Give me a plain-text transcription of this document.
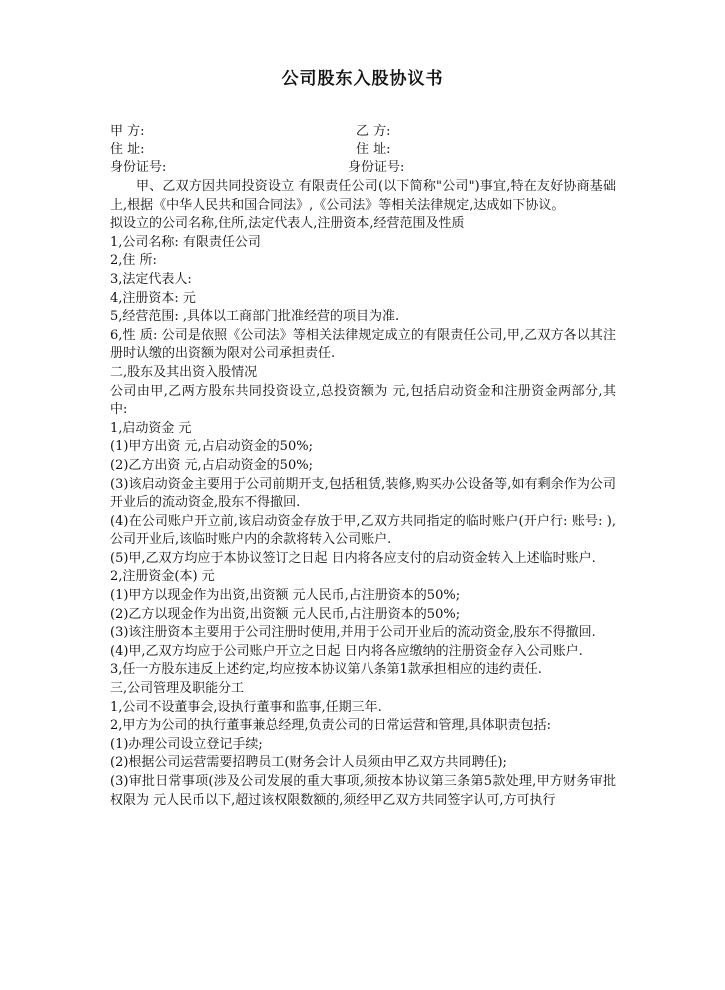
公司股东入股协议书
甲 方:	乙 方:
住 址:	住 址:
身份证号:	身份证号:

甲、乙双方因共同投资设立 有限责任公司(以下简称"公司")事宜,特在友好协商基础上,根据《中华人民共和国合同法》,《公司法》等相关法律规定,达成如下协议。

拟设立的公司名称,住所,法定代表人,注册资本,经营范围及性质

1,公司名称: 有限责任公司

2,住 所:

3,法定代表人:

4,注册资本: 元

5,经营范围: ,具体以工商部门批准经营的项目为准.

6,性 质: 公司是依照《公司法》等相关法律规定成立的有限责任公司,甲,乙双方各以其注册时认缴的出资额为限对公司承担责任.

二,股东及其出资入股情况

公司由甲,乙两方股东共同投资设立,总投资额为 元,包括启动资金和注册资金两部分,其中:

1,启动资金 元

(1)甲方出资 元,占启动资金的50%;

(2)乙方出资 元,占启动资金的50%;

(3)该启动资金主要用于公司前期开支,包括租赁,装修,购买办公设备等,如有剩余作为公司开业后的流动资金,股东不得撤回.

(4)在公司账户开立前,该启动资金存放于甲,乙双方共同指定的临时账户(开户行: 账号: ),公司开业后,该临时账户内的余款将转入公司账户.

(5)甲,乙双方均应于本协议签订之日起 日内将各应支付的启动资金转入上述临时账户.

2,注册资金(本) 元

(1)甲方以现金作为出资,出资额 元人民币,占注册资本的50%;

(2)乙方以现金作为出资,出资额 元人民币,占注册资本的50%;

(3)该注册资本主要用于公司注册时使用,并用于公司开业后的流动资金,股东不得撤回.

(4)甲,乙双方均应于公司账户开立之日起 日内将各应缴纳的注册资金存入公司账户.

3,任一方股东违反上述约定,均应按本协议第八条第1款承担相应的违约责任.

三,公司管理及职能分工

1,公司不设董事会,设执行董事和监事,任期三年.

2,甲方为公司的执行董事兼总经理,负责公司的日常运营和管理,具体职责包括:

(1)办理公司设立登记手续;

(2)根据公司运营需要招聘员工(财务会计人员须由甲乙双方共同聘任);

(3)审批日常事项(涉及公司发展的重大事项,须按本协议第三条第5款处理,甲方财务审批权限为 元人民币以下,超过该权限数额的,须经甲乙双方共同签字认可,方可执行
